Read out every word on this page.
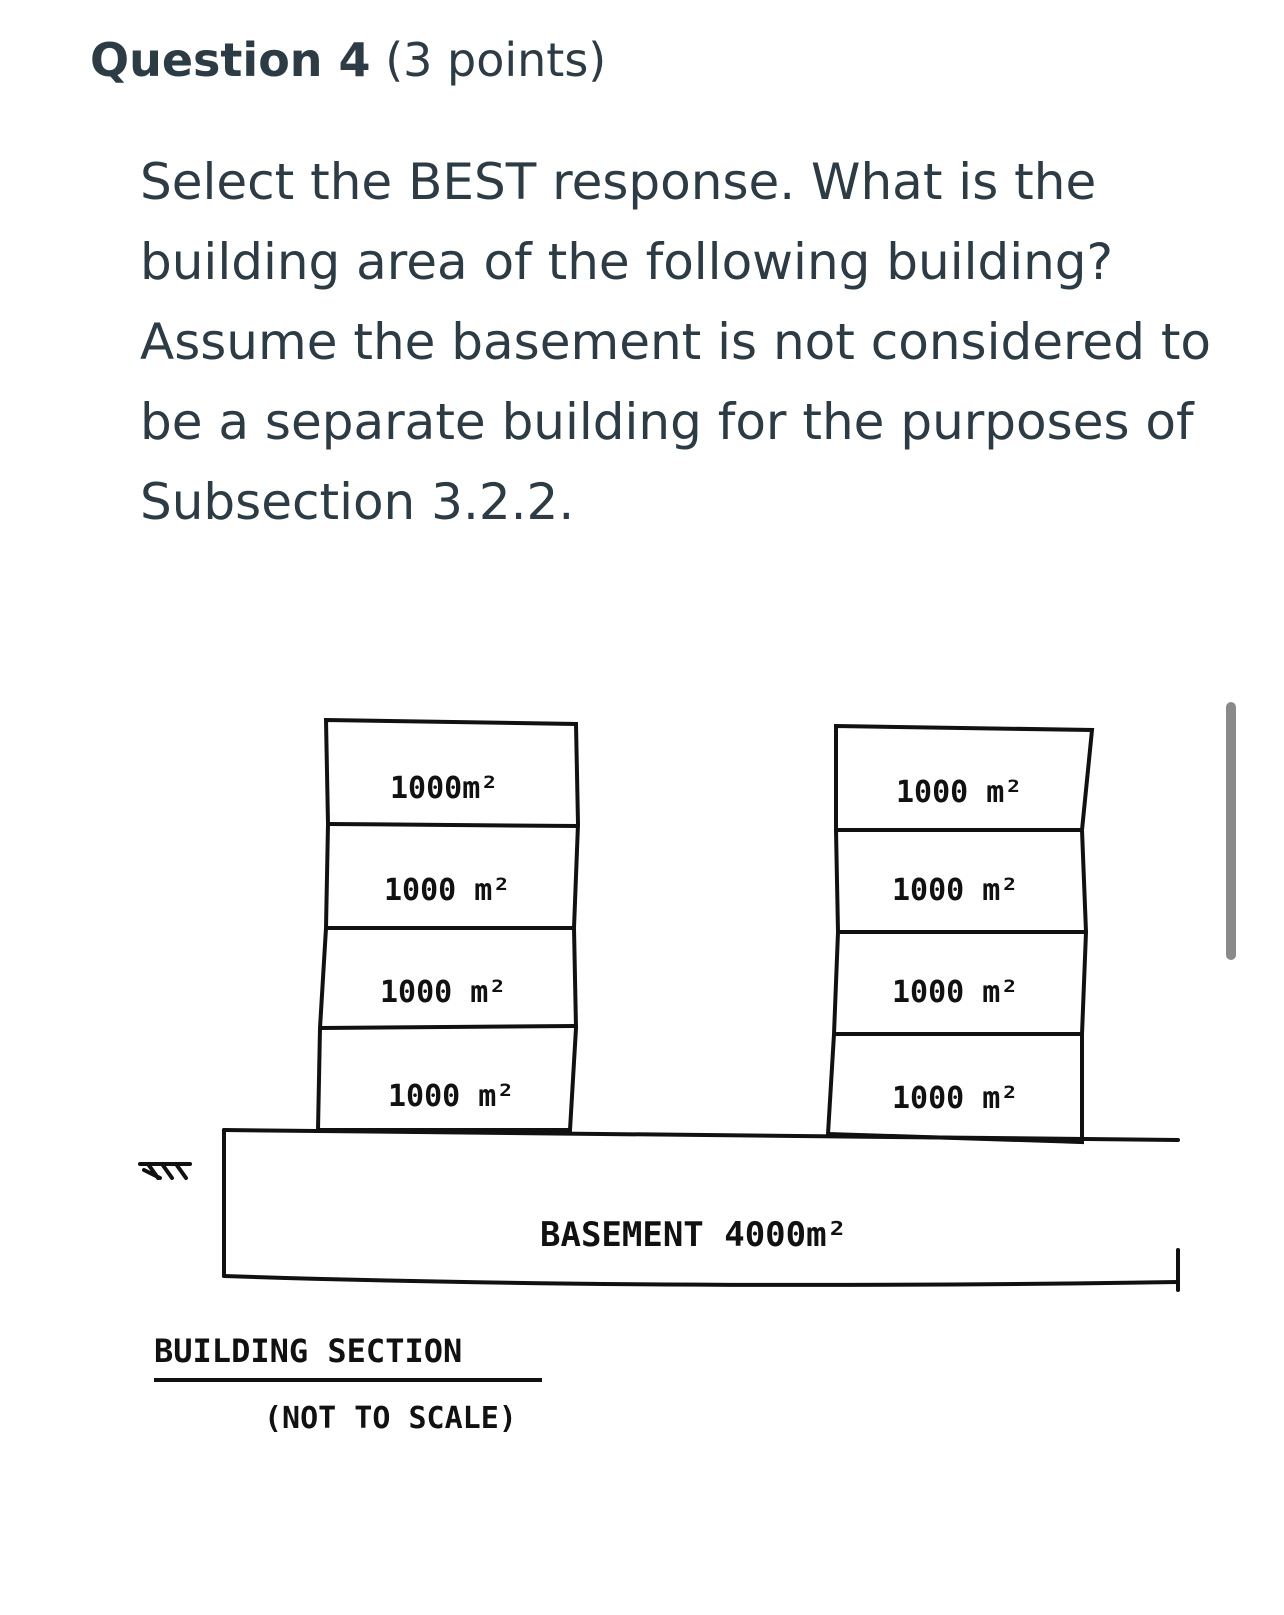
Question 4 (3 points)
Select the BEST response. What is the building area of the following building? Assume the basement is not considered to be a separate building for the purposes of Subsection 3.2.2.
1000m²
1000 m²
1000 m²
1000 m²
1000 m²
1000 m²
1000 m²
1000 m²
BASEMENT 4000m²
BUILDING SECTION
(NOT TO SCALE)
